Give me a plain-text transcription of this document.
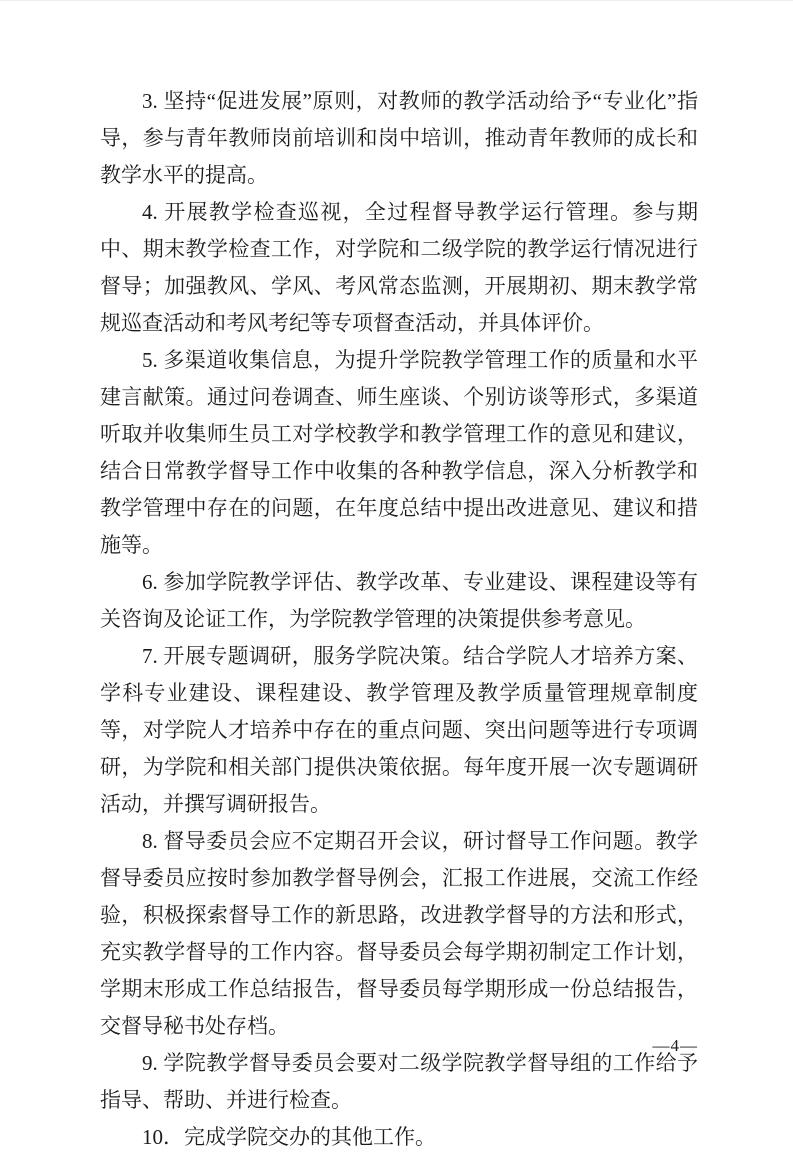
3. 坚持“促进发展”原则，对教师的教学活动给予“专业化”指导，参与青年教师岗前培训和岗中培训，推动青年教师的成长和教学水平的提高。

4. 开展教学检查巡视，全过程督导教学运行管理。参与期中、期末教学检查工作，对学院和二级学院的教学运行情况进行督导；加强教风、学风、考风常态监测，开展期初、期末教学常规巡查活动和考风考纪等专项督查活动，并具体评价。

5. 多渠道收集信息，为提升学院教学管理工作的质量和水平建言献策。通过问卷调查、师生座谈、个别访谈等形式，多渠道听取并收集师生员工对学校教学和教学管理工作的意见和建议，结合日常教学督导工作中收集的各种教学信息，深入分析教学和教学管理中存在的问题，在年度总结中提出改进意见、建议和措施等。

6. 参加学院教学评估、教学改革、专业建设、课程建设等有关咨询及论证工作，为学院教学管理的决策提供参考意见。

7. 开展专题调研，服务学院决策。结合学院人才培养方案、学科专业建设、课程建设、教学管理及教学质量管理规章制度等，对学院人才培养中存在的重点问题、突出问题等进行专项调研，为学院和相关部门提供决策依据。每年度开展一次专题调研活动，并撰写调研报告。

8. 督导委员会应不定期召开会议，研讨督导工作问题。教学督导委员应按时参加教学督导例会，汇报工作进展，交流工作经验，积极探索督导工作的新思路，改进教学督导的方法和形式，充实教学督导的工作内容。督导委员会每学期初制定工作计划，学期末形成工作总结报告，督导委员每学期形成一份总结报告，交督导秘书处存档。

9. 学院教学督导委员会要对二级学院教学督导组的工作给予指导、帮助、并进行检查。

10．完成学院交办的其他工作。

—4—
